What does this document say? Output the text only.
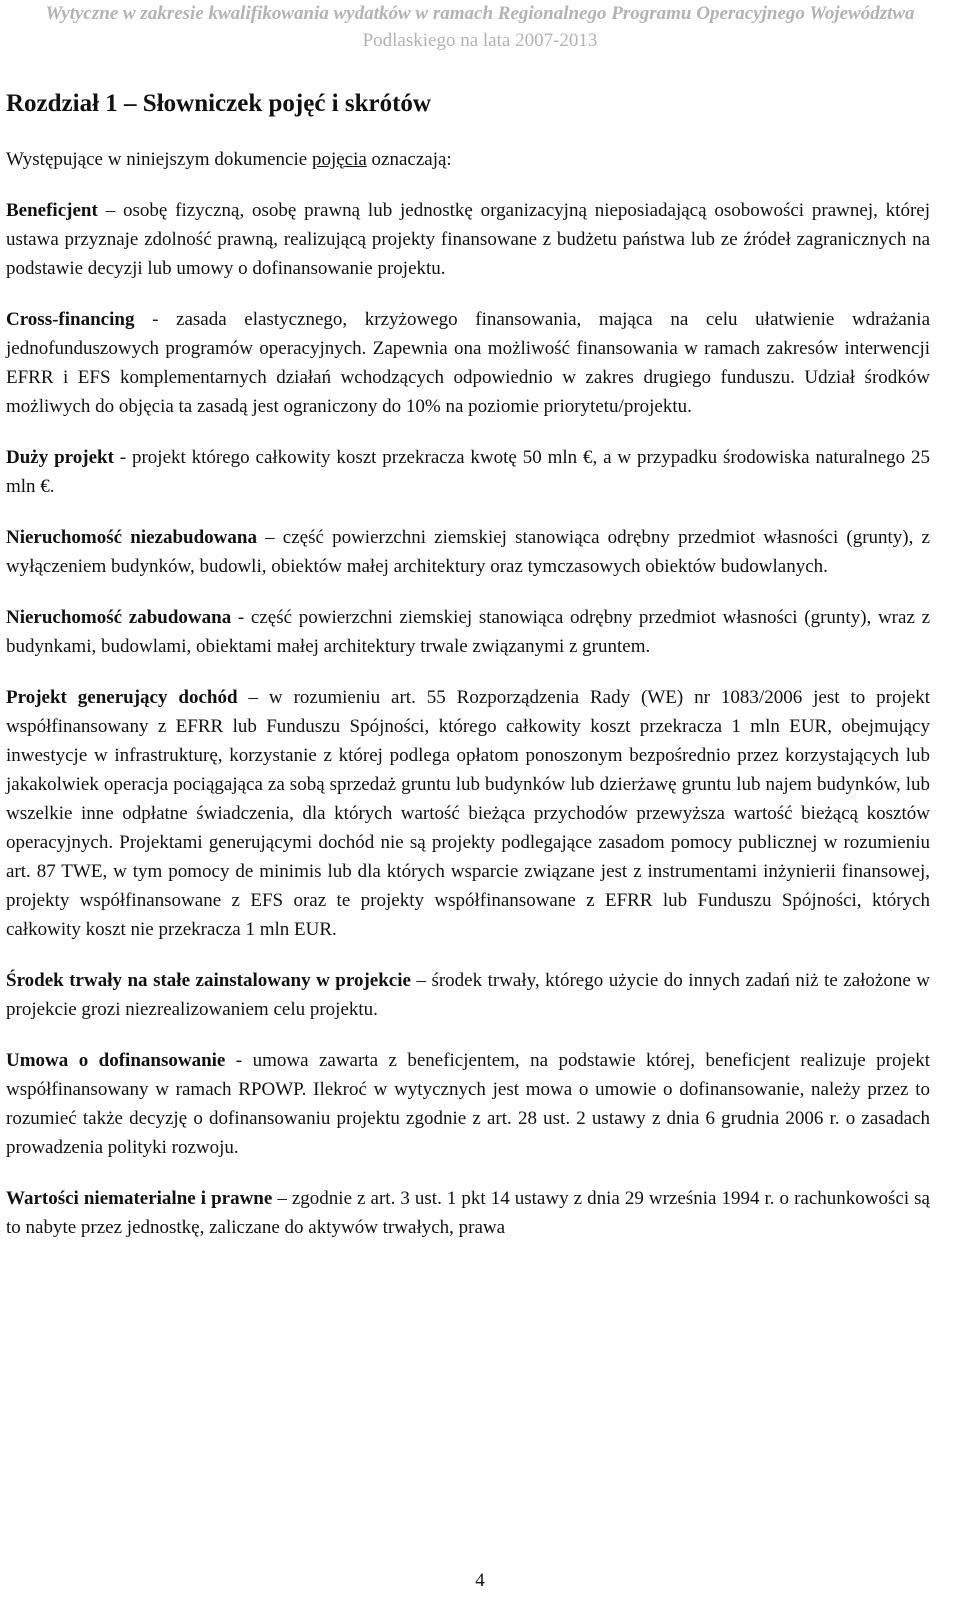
Wytyczne w zakresie kwalifikowania wydatków w ramach Regionalnego Programu Operacyjnego Województwa
Podlaskiego na lata 2007-2013
Rozdział 1 – Słowniczek pojęć i skrótów

Występujące w niniejszym dokumencie pojęcia oznaczają:

Beneficjent – osobę fizyczną, osobę prawną lub jednostkę organizacyjną nieposiadającą osobowości prawnej, której ustawa przyznaje zdolność prawną, realizującą projekty finansowane z budżetu państwa lub ze źródeł zagranicznych na podstawie decyzji lub umowy o dofinansowanie projektu.

Cross-financing - zasada elastycznego, krzyżowego finansowania, mająca na celu ułatwienie wdrażania jednofunduszowych programów operacyjnych. Zapewnia ona możliwość finansowania w ramach zakresów interwencji EFRR i EFS komplementarnych działań wchodzących odpowiednio w zakres drugiego funduszu. Udział środków możliwych do objęcia ta zasadą jest ograniczony do 10% na poziomie priorytetu/projektu.

Duży projekt - projekt którego całkowity koszt przekracza kwotę 50 mln €, a w przypadku środowiska naturalnego 25 mln €.

Nieruchomość niezabudowana – część powierzchni ziemskiej stanowiąca odrębny przedmiot własności (grunty), z wyłączeniem budynków, budowli, obiektów małej architektury oraz tymczasowych obiektów budowlanych.

Nieruchomość zabudowana - część powierzchni ziemskiej stanowiąca odrębny przedmiot własności (grunty), wraz z budynkami, budowlami, obiektami małej architektury trwale związanymi z gruntem.

Projekt generujący dochód – w rozumieniu art. 55 Rozporządzenia Rady (WE) nr 1083/2006 jest to projekt współfinansowany z EFRR lub Funduszu Spójności, którego całkowity koszt przekracza 1 mln EUR, obejmujący inwestycje w infrastrukturę, korzystanie z której podlega opłatom ponoszonym bezpośrednio przez korzystających lub jakakolwiek operacja pociągająca za sobą sprzedaż gruntu lub budynków lub dzierżawę gruntu lub najem budynków, lub wszelkie inne odpłatne świadczenia, dla których wartość bieżąca przychodów przewyższa wartość bieżącą kosztów operacyjnych. Projektami generującymi dochód nie są projekty podlegające zasadom pomocy publicznej w rozumieniu art. 87 TWE, w tym pomocy de minimis lub dla których wsparcie związane jest z instrumentami inżynierii finansowej, projekty współfinansowane z EFS oraz te projekty współfinansowane z EFRR lub Funduszu Spójności, których całkowity koszt nie przekracza 1 mln EUR.

Środek trwały na stałe zainstalowany w projekcie – środek trwały, którego użycie do innych zadań niż te założone w projekcie grozi niezrealizowaniem celu projektu.

Umowa o dofinansowanie - umowa zawarta z beneficjentem, na podstawie której, beneficjent realizuje projekt współfinansowany w ramach RPOWP. Ilekroć w wytycznych jest mowa o umowie o dofinansowanie, należy przez to rozumieć także decyzję o dofinansowaniu projektu zgodnie z art. 28 ust. 2 ustawy z dnia 6 grudnia 2006 r. o zasadach prowadzenia polityki rozwoju.

Wartości niematerialne i prawne – zgodnie z art. 3 ust. 1 pkt 14 ustawy z dnia 29 września 1994 r. o rachunkowości są to nabyte przez jednostkę, zaliczane do aktywów trwałych, prawa

4
